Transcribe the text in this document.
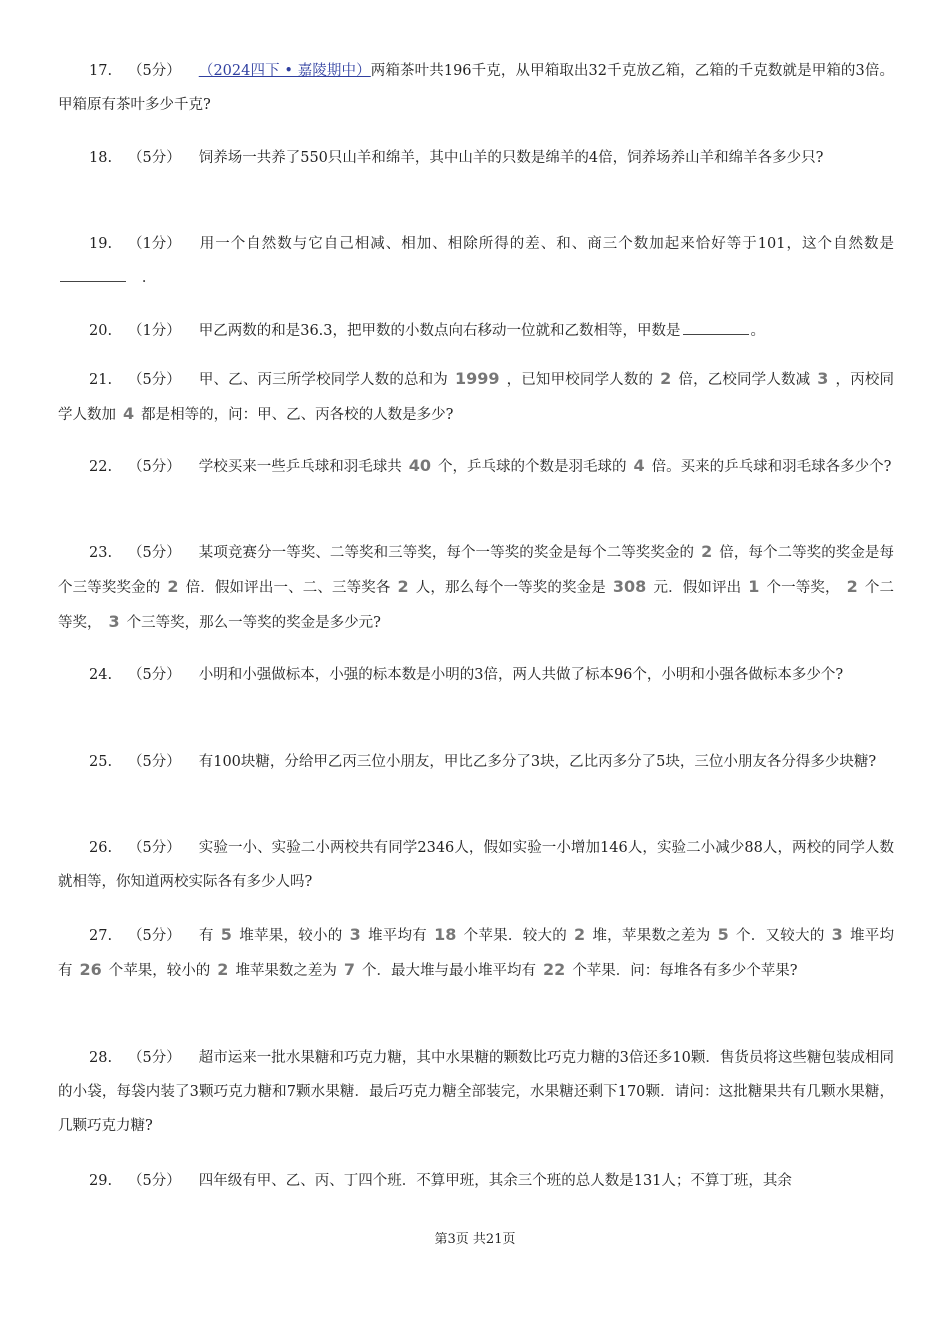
17. （5分） （2024四下 • 嘉陵期中）两箱茶叶共196千克，从甲箱取出32千克放乙箱，乙箱的千克数就是甲箱的3倍。甲箱原有茶叶多少千克?
18. （5分） 饲养场一共养了550只山羊和绵羊，其中山羊的只数是绵羊的4倍，饲养场养山羊和绵羊各多少只?
19. （1分） 用一个自然数与它自己相减、相加、相除所得的差、和、商三个数加起来恰好等于101，这个自然数是   ．
20. （1分） 甲乙两数的和是36.3，把甲数的小数点向右移动一位就和乙数相等，甲数是	。
21. （5分） 甲、乙、丙三所学校同学人数的总和为 1999 ，已知甲校同学人数的 2 倍，乙校同学人数减 3 ，丙校同学人数加 4 都是相等的，问：甲、乙、丙各校的人数是多少?
22. （5分） 学校买来一些乒乓球和羽毛球共 40 个，乒乓球的个数是羽毛球的 4 倍。买来的乒乓球和羽毛球各多少个?
23. （5分） 某项竞赛分一等奖、二等奖和三等奖，每个一等奖的奖金是每个二等奖奖金的 2 倍，每个二等奖的奖金是每个三等奖奖金的 2 倍．假如评出一、二、三等奖各 2 人，那么每个一等奖的奖金是 308 元．假如评出 1 个一等奖， 2 个二等奖， 3 个三等奖，那么一等奖的奖金是多少元?
24. （5分） 小明和小强做标本，小强的标本数是小明的3倍，两人共做了标本96个，小明和小强各做标本多少个?
25. （5分） 有100块糖，分给甲乙丙三位小朋友，甲比乙多分了3块，乙比丙多分了5块，三位小朋友各分得多少块糖?
26. （5分） 实验一小、实验二小两校共有同学2346人，假如实验一小增加146人，实验二小减少88人，两校的同学人数就相等，你知道两校实际各有多少人吗?
27. （5分） 有 5 堆苹果，较小的 3 堆平均有 18 个苹果．较大的 2 堆，苹果数之差为 5 个．又较大的 3 堆平均有 26 个苹果，较小的 2 堆苹果数之差为 7 个．最大堆与最小堆平均有 22 个苹果．问：每堆各有多少个苹果?
28. （5分） 超市运来一批水果糖和巧克力糖，其中水果糖的颗数比巧克力糖的3倍还多10颗．售货员将这些糖包装成相同的小袋，每袋内装了3颗巧克力糖和7颗水果糖．最后巧克力糖全部装完，水果糖还剩下170颗．请问：这批糖果共有几颗水果糖，几颗巧克力糖?
29. （5分） 四年级有甲、乙、丙、丁四个班．不算甲班，其余三个班的总人数是131人；不算丁班，其余
第3页 共21页
